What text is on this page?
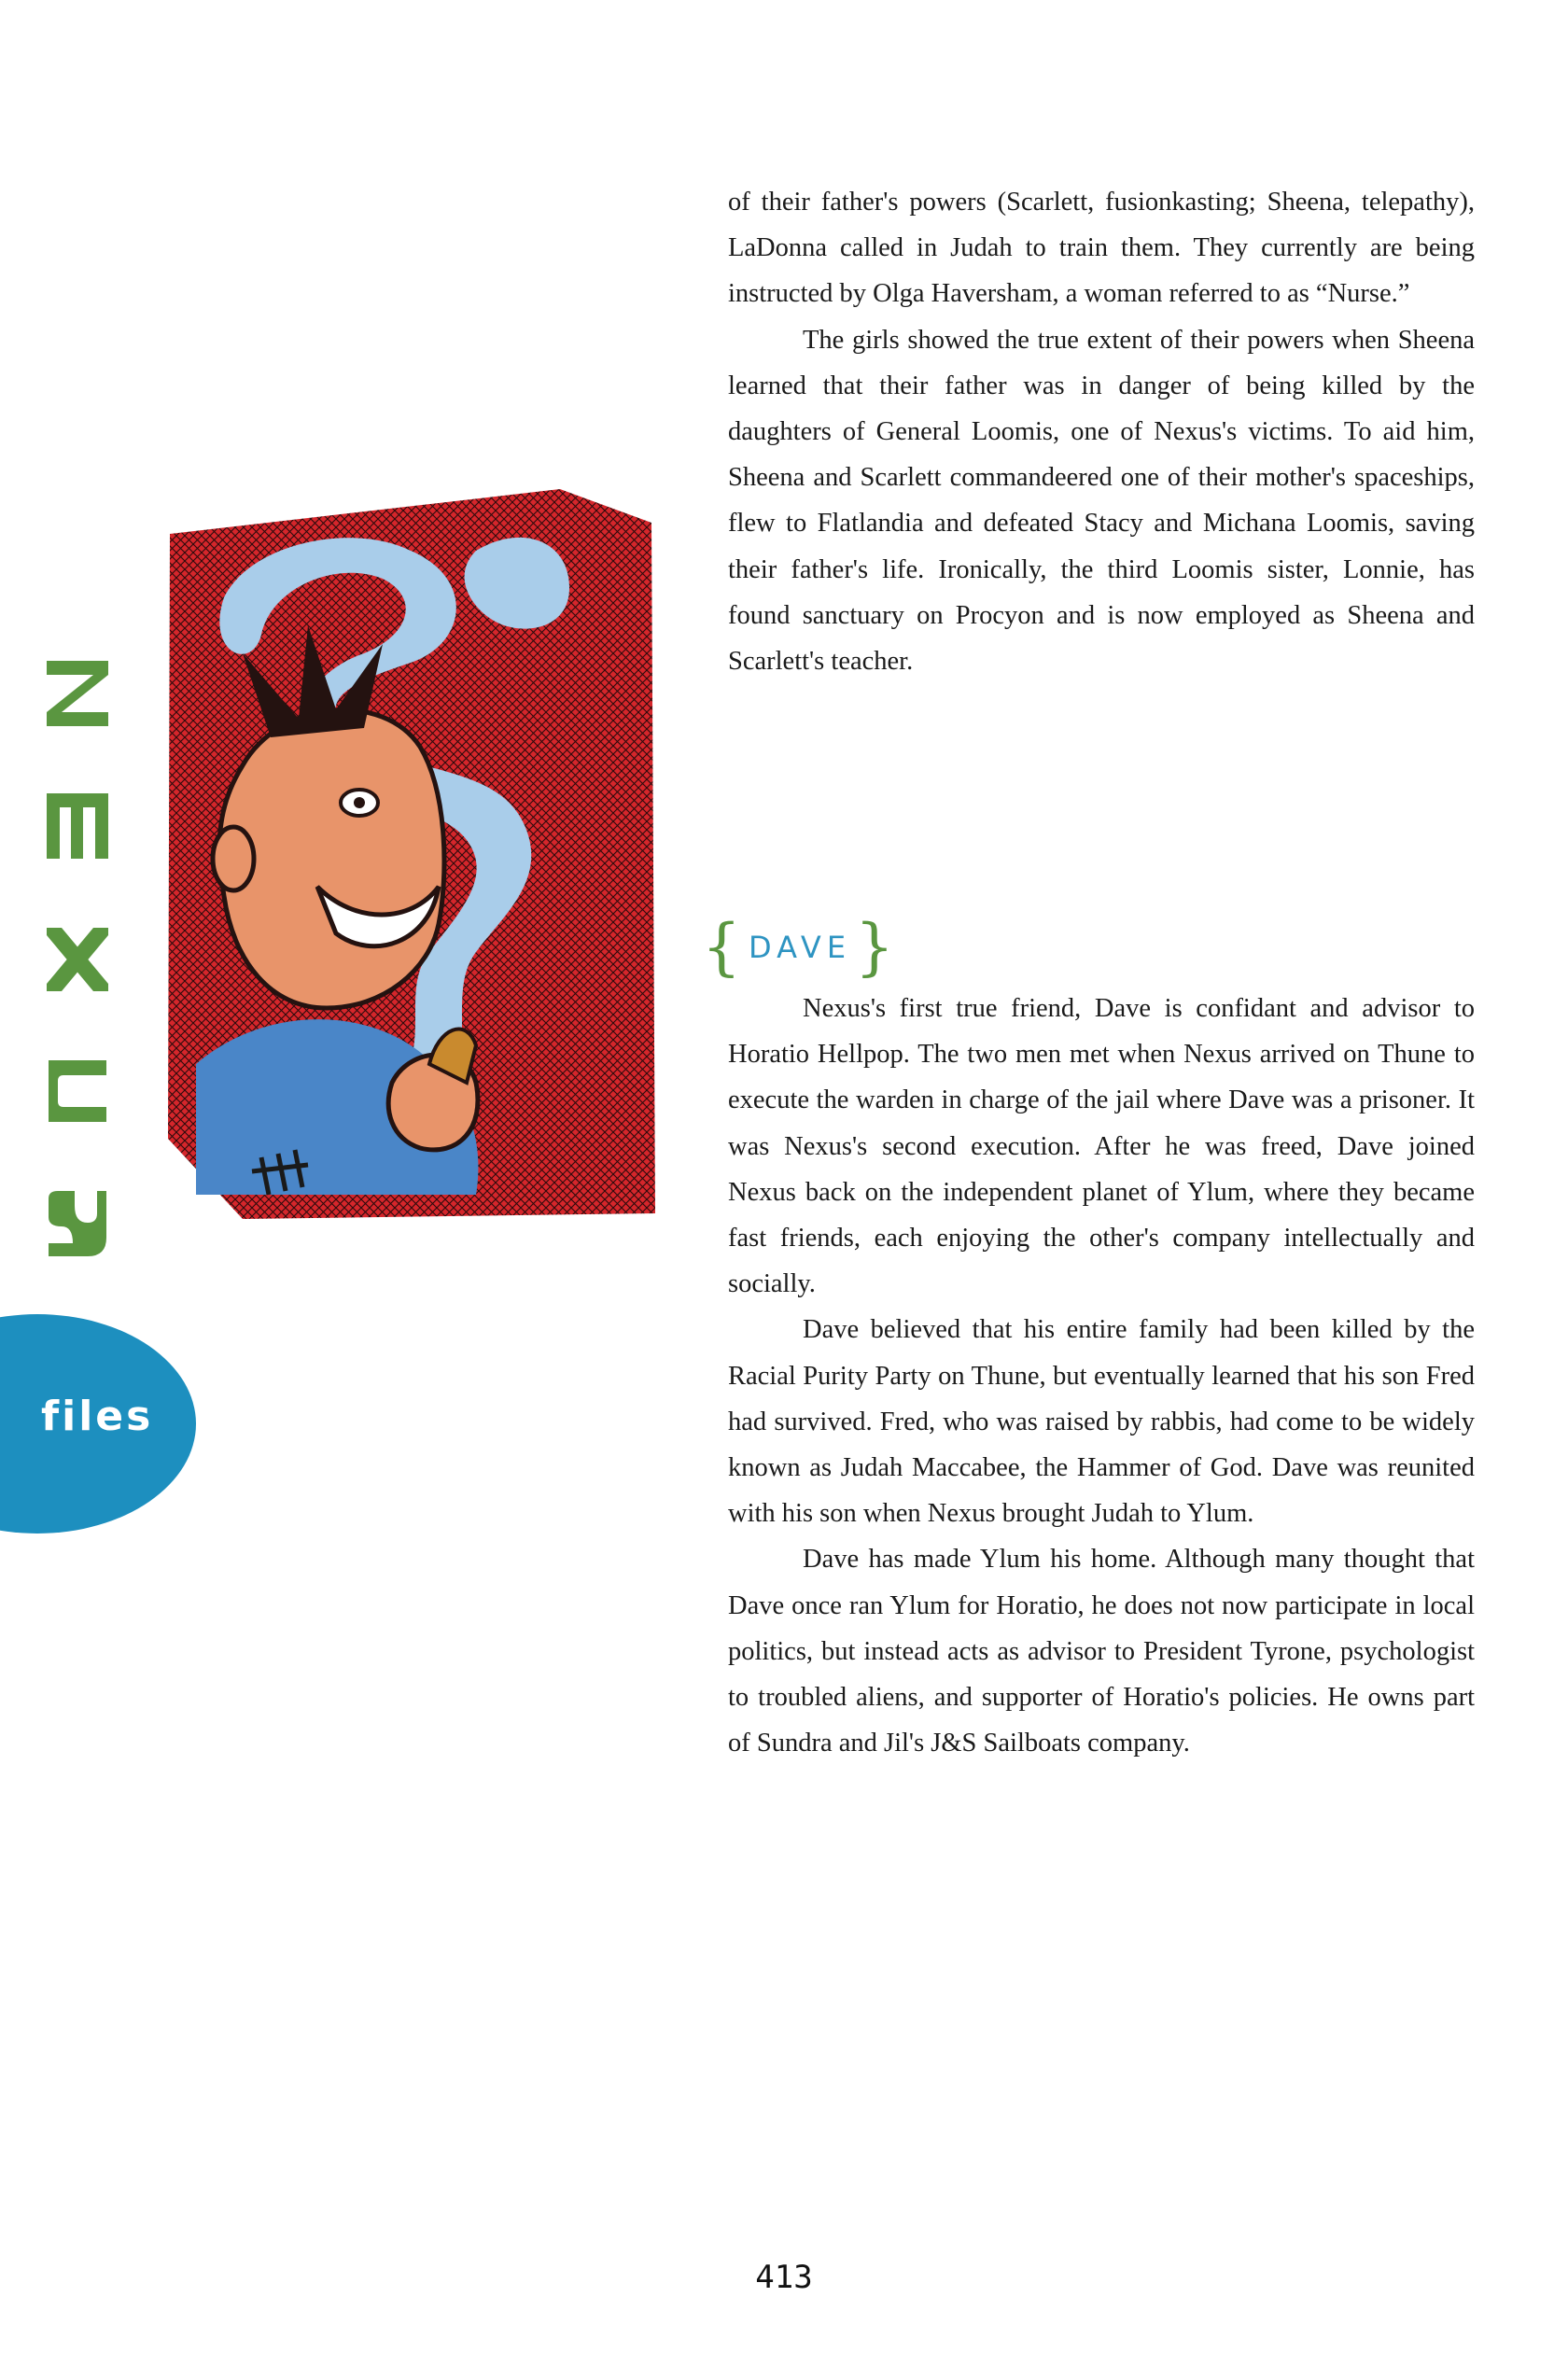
files

of their father's powers (Scarlett, fusionkasting; Sheena, telepathy), LaDonna called in Judah to train them. They currently are being instructed by Olga Haversham, a woman referred to as “Nurse.”

The girls showed the true extent of their powers when Sheena learned that their father was in danger of being killed by the daughters of General Loomis, one of Nexus's victims. To aid him, Sheena and Scarlett commandeered one of their mother's spaceships, flew to Flatlandia and defeated Stacy and Michana Loomis, saving their father's life. Ironically, the third Loomis sister, Lonnie, has found sanctuary on Procyon and is now employed as Sheena and Scarlett's teacher.

{ DAVE }

Nexus's first true friend, Dave is confidant and advisor to Horatio Hellpop. The two men met when Nexus arrived on Thune to execute the warden in charge of the jail where Dave was a prisoner. It was Nexus's second execution. After he was freed, Dave joined Nexus back on the independent planet of Ylum, where they became fast friends, each enjoying the other's company intellectually and socially.

Dave believed that his entire family had been killed by the Racial Purity Party on Thune, but eventually learned that his son Fred had survived. Fred, who was raised by rabbis, had come to be widely known as Judah Maccabee, the Hammer of God. Dave was reunited with his son when Nexus brought Judah to Ylum.

Dave has made Ylum his home. Although many thought that Dave once ran Ylum for Horatio, he does not now participate in local politics, but instead acts as advisor to President Tyrone, psychologist to troubled aliens, and supporter of Horatio's policies. He owns part of Sundra and Jil's J&S Sailboats company.

413
